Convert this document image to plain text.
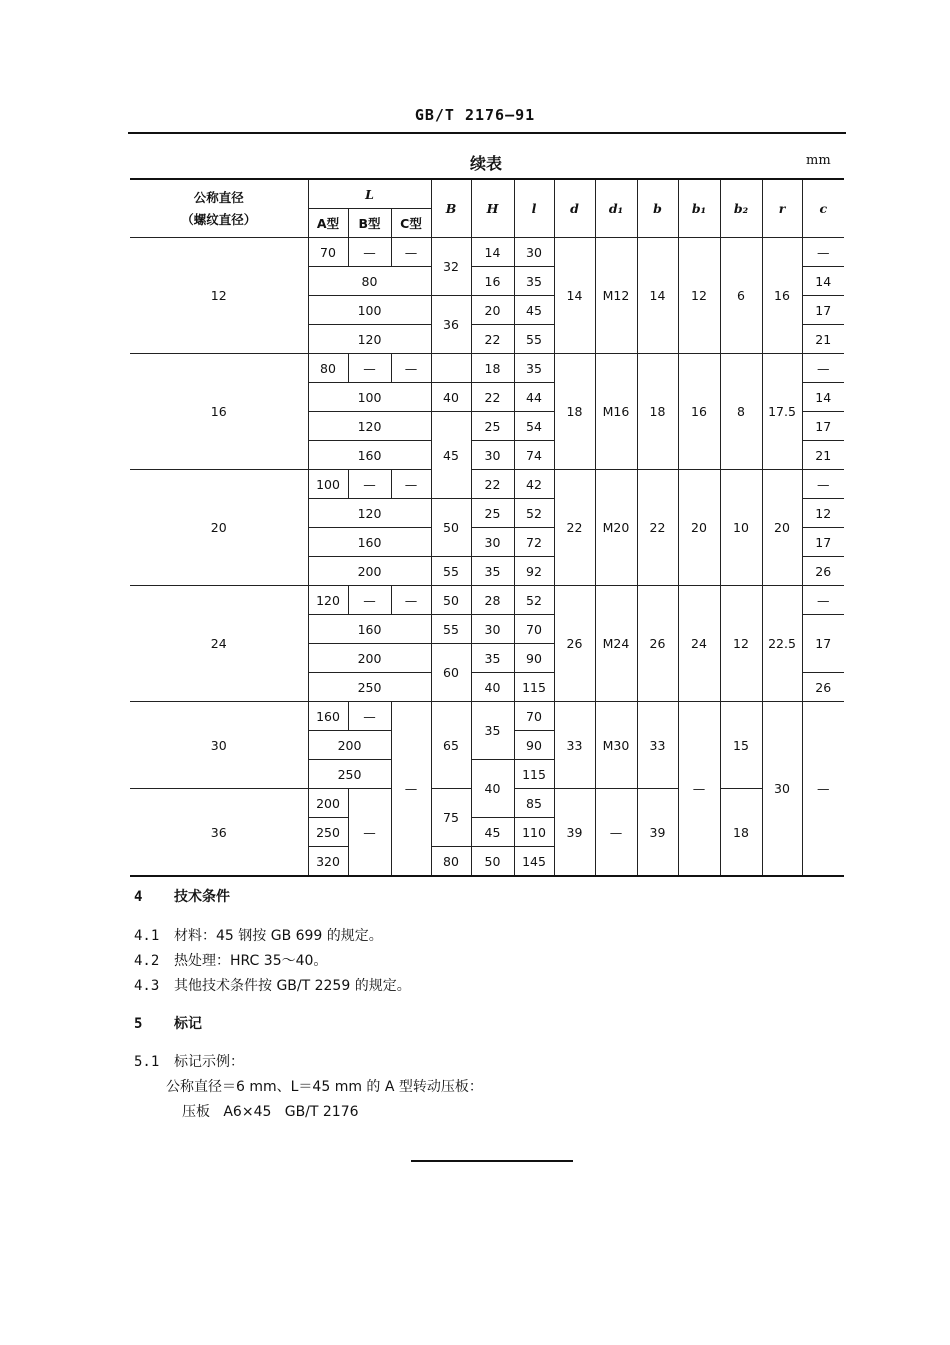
GB/T 2176—91
续表	mm
公称直径
（螺纹直径）	L			B	H	l	d	d₁	b	b₁	b₂	r	c
	A型	B型	C型										
12	70	—	—	32	14	30	14	M12	14	12	6	16	—
	80				16	35							14
	100			36	20	45							17
	120				22	55							21
16	80	—	—		18	35	18	M16	18	16	8	17.5	—
	100			40	22	44							14
	120			45	25	54							17
	160				30	74							21
20	100	—	—		22	42	22	M20	22	20	10	20	—
	120			50	25	52							12
	160				30	72							17
	200			55	35	92							26
24	120	—	—	50	28	52	26	M24	26	24	12	22.5	—
	160			55	30	70							17
	200			60	35	90							
	250				40	115							26
30	160	—	—	65	35	70	33	M30	33	—	15	30	—
	200					90							
	250				40	115							
36	200	—		75		85	39	—	39		18		
	250				45	110							
	320			80	50	145							
4 技术条件
4.1 材料：45 钢按 GB 699 的规定。
4.2 热处理：HRC 35～40。
4.3 其他技术条件按 GB/T 2259 的规定。
5 标记
5.1 标记示例：
公称直径＝6 mm、L＝45 mm 的 A 型转动压板：
压板   A6×45   GB/T 2176
